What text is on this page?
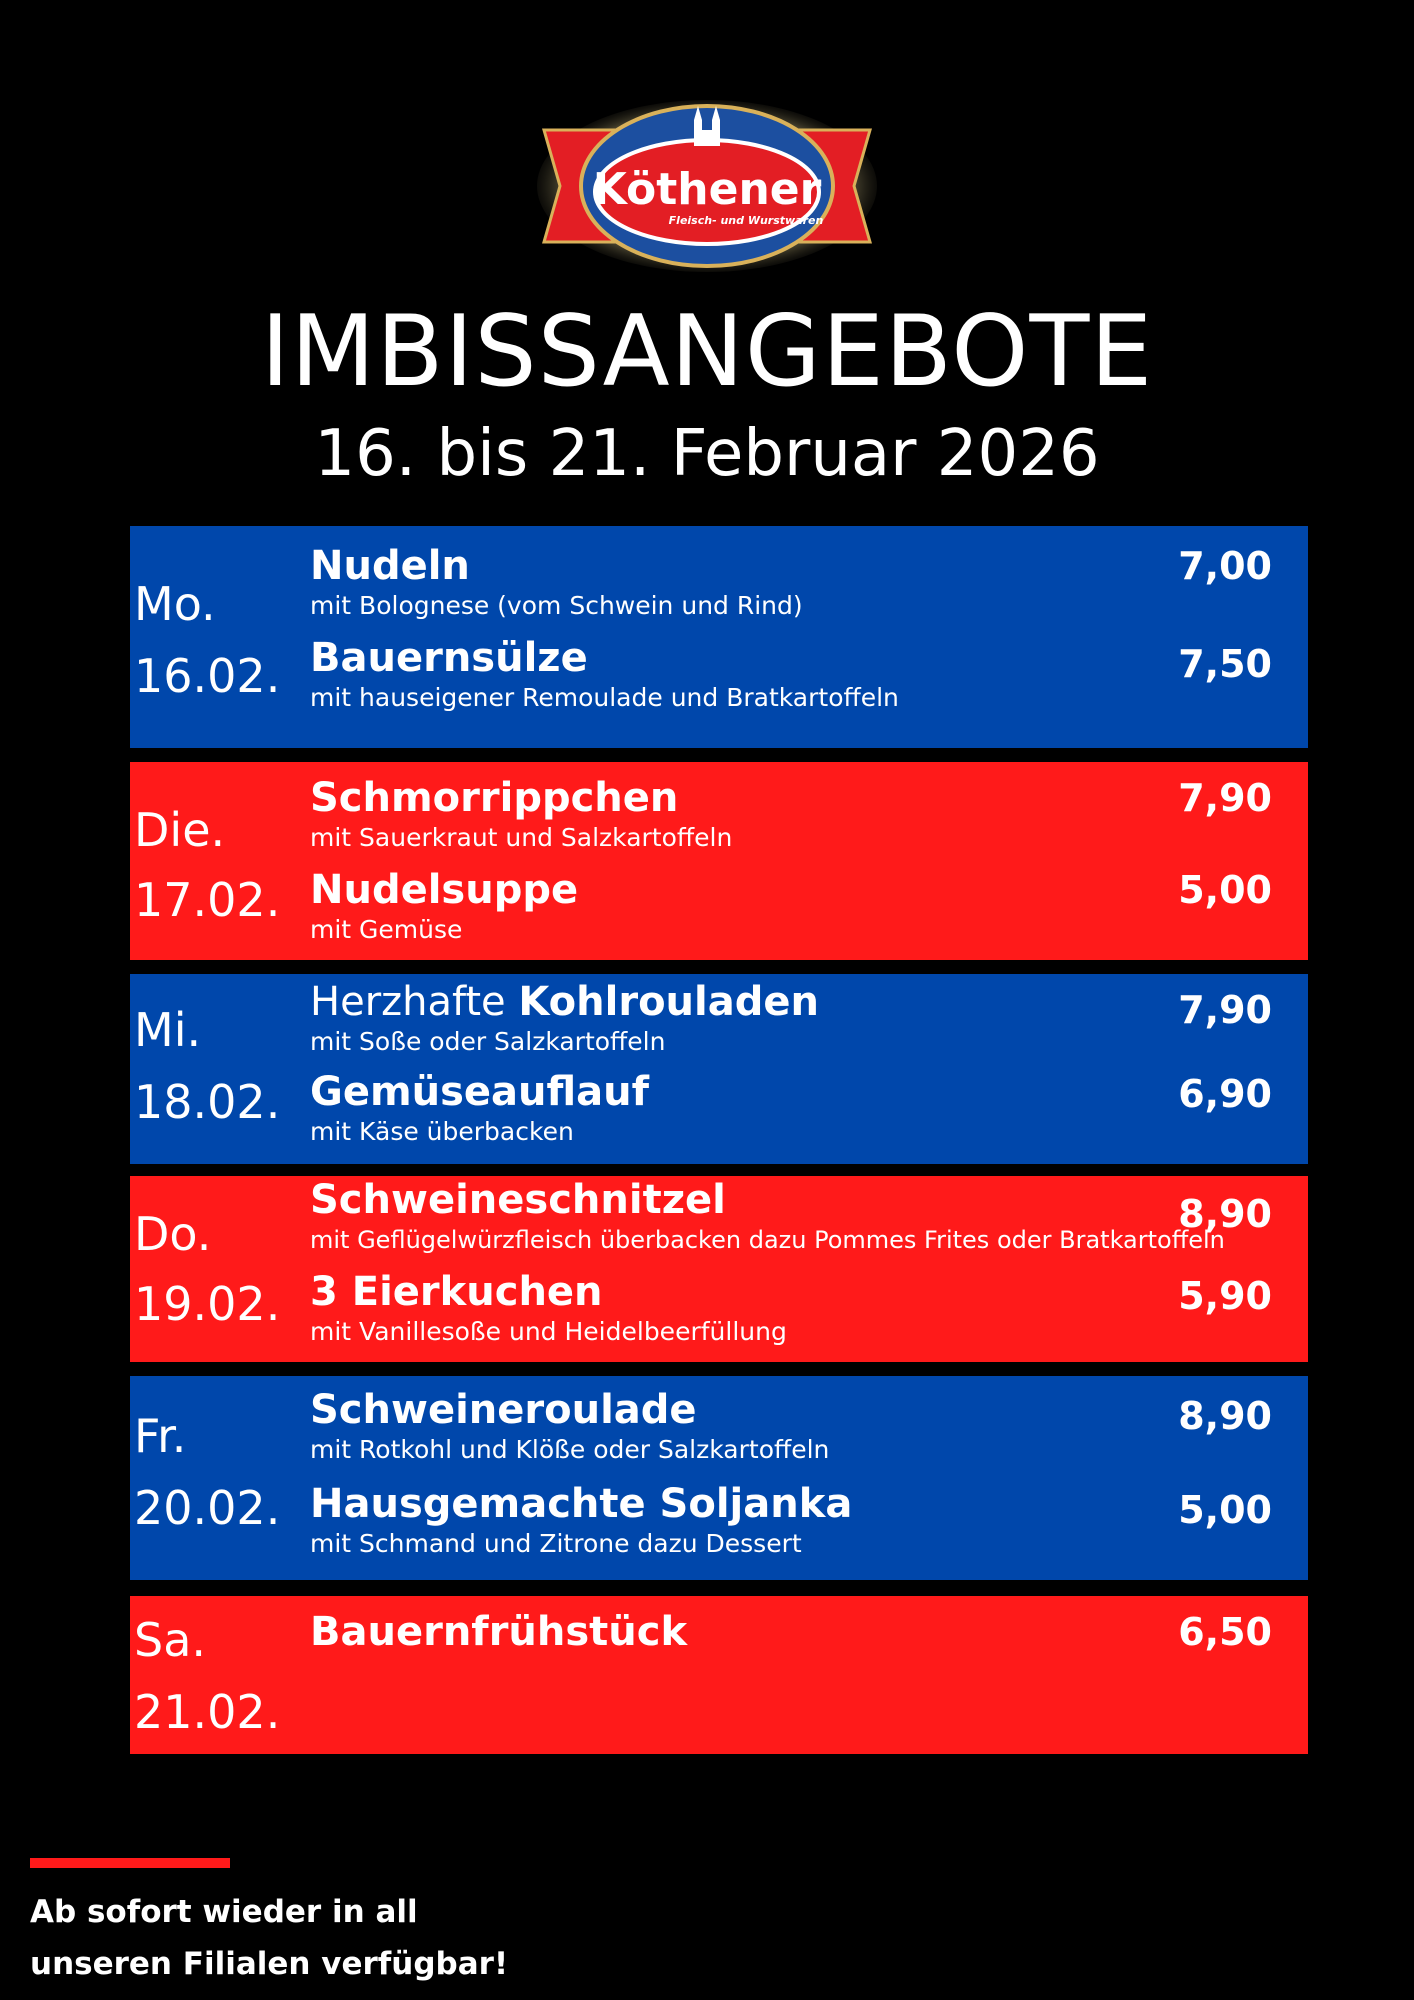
Köthener
Fleisch- und Wurstwaren
IMBISSANGEBOTE
16. bis 21. Februar 2026
Mo.
16.02.
Nudeln
mit Bolognese (vom Schwein und Rind)
7,00
Bauernsülze
mit hauseigener Remoulade und Bratkartoffeln
7,50
Die.
17.02.
Schmorrippchen
mit Sauerkraut und Salzkartoffeln
7,90
Nudelsuppe
mit Gemüse
5,00
Mi.
18.02.
Herzhafte Kohlrouladen
mit Soße oder Salzkartoffeln
7,90
Gemüseauflauf
mit Käse überbacken
6,90
Do.
19.02.
Schweineschnitzel
mit Geflügelwürzfleisch überbacken dazu Pommes Frites oder Bratkartoffeln
8,90
3 Eierkuchen
mit Vanillesoße und Heidelbeerfüllung
5,90
Fr.
20.02.
Schweineroulade
mit Rotkohl und Klöße oder Salzkartoffeln
8,90
Hausgemachte Soljanka
mit Schmand und Zitrone dazu Dessert
5,00
Sa.
21.02.
Bauernfrühstück	6,50
Ab sofort wieder in all
unseren Filialen verfügbar!
